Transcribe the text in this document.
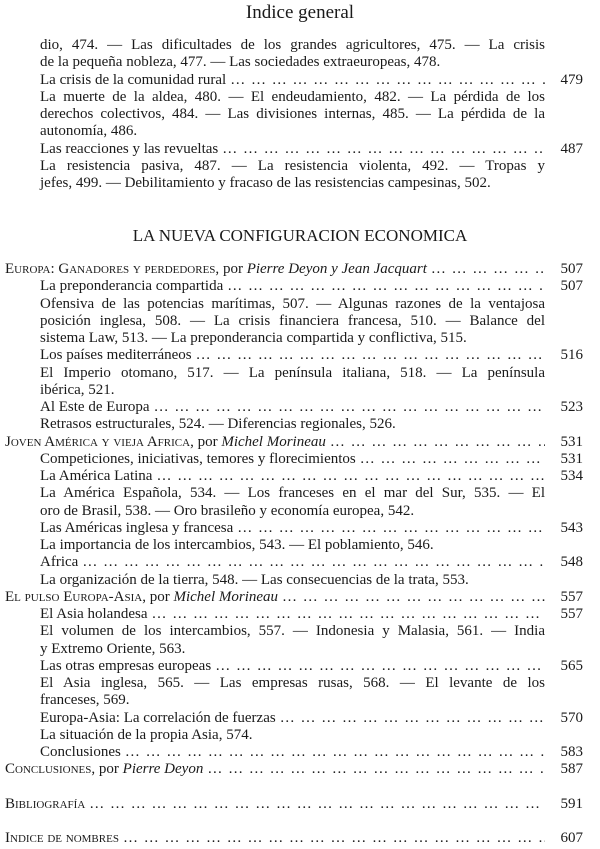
Indice general
dio, 474. — Las dificultades de los grandes agricultores, 475. — La crisis
de la pequeña nobleza, 477. — Las sociedades extraeuropeas, 478.
La crisis de la comunidad rural … … … … … … … … … … … … … … … … … … … … … … … … … … … … … … … … …	479
La muerte de la aldea, 480. — El endeudamiento, 482. — La pérdida de los
derechos colectivos, 484. — Las divisiones internas, 485. — La pérdida de la
autonomía, 486.
Las reacciones y las revueltas … … … … … … … … … … … … … … … … … … … … … … … … … … … … … … … … …	487
La resistencia pasiva, 487. — La resistencia violenta, 492. — Tropas y
jefes, 499. — Debilitamiento y fracaso de las resistencias campesinas, 502.
LA NUEVA CONFIGURACION ECONOMICA
Europa: Ganadores y perdedores, por Pierre Deyon y Jean Jacquart … … … … … … … … … … … … … … … … … … … … … … … … … … … … … … … … …	507
La preponderancia compartida … … … … … … … … … … … … … … … … … … … … … … … … … … … … … … … … …	507
Ofensiva de las potencias marítimas, 507. — Algunas razones de la ventajosa
posición inglesa, 508. — La crisis financiera francesa, 510. — Balance del
sistema Law, 513. — La preponderancia compartida y conflictiva, 515.
Los países mediterráneos … … … … … … … … … … … … … … … … … … … … … … … … … … … … … … … … …	516
El Imperio otomano, 517. — La península italiana, 518. — La península
ibérica, 521.
Al Este de Europa … … … … … … … … … … … … … … … … … … … … … … … … … … … … … … … … …	523
Retrasos estructurales, 524. — Diferencias regionales, 526.
Joven América y vieja Africa, por Michel Morineau … … … … … … … … … … … … … … … … … … … … … … … … … … … … … … … … …	531
Competiciones, iniciativas, temores y florecimientos … … … … … … … … … … … … … … … … … … … … … … … … … … … … … … … … …	531
La América Latina … … … … … … … … … … … … … … … … … … … … … … … … … … … … … … … … …	534
La América Española, 534. — Los franceses en el mar del Sur, 535. — El
oro de Brasil, 538. — Oro brasileño y economía europea, 542.
Las Américas inglesa y francesa … … … … … … … … … … … … … … … … … … … … … … … … … … … … … … … … …	543
La importancia de los intercambios, 543. — El poblamiento, 546.
Africa … … … … … … … … … … … … … … … … … … … … … … … … … … … … … … … … …	548
La organización de la tierra, 548. — Las consecuencias de la trata, 553.
El pulso Europa-Asia, por Michel Morineau … … … … … … … … … … … … … … … … … … … … … … … … … … … … … … … … …	557
El Asia holandesa … … … … … … … … … … … … … … … … … … … … … … … … … … … … … … … … …	557
El volumen de los intercambios, 557. — Indonesia y Malasia, 561. — India
y Extremo Oriente, 563.
Las otras empresas europeas … … … … … … … … … … … … … … … … … … … … … … … … … … … … … … … … …	565
El Asia inglesa, 565. — Las empresas rusas, 568. — El levante de los
franceses, 569.
Europa-Asia: La correlación de fuerzas … … … … … … … … … … … … … … … … … … … … … … … … … … … … … … … … …	570
La situación de la propia Asia, 574.
Conclusiones … … … … … … … … … … … … … … … … … … … … … … … … … … … … … … … … …	583
Conclusiones, por Pierre Deyon … … … … … … … … … … … … … … … … … … … … … … … … … … … … … … … … …	587
Bibliografía … … … … … … … … … … … … … … … … … … … … … … … … … … … … … … … … …	591
Indice de nombres … … … … … … … … … … … … … … … … … … … … … … … … … … … … … … … … …	607
